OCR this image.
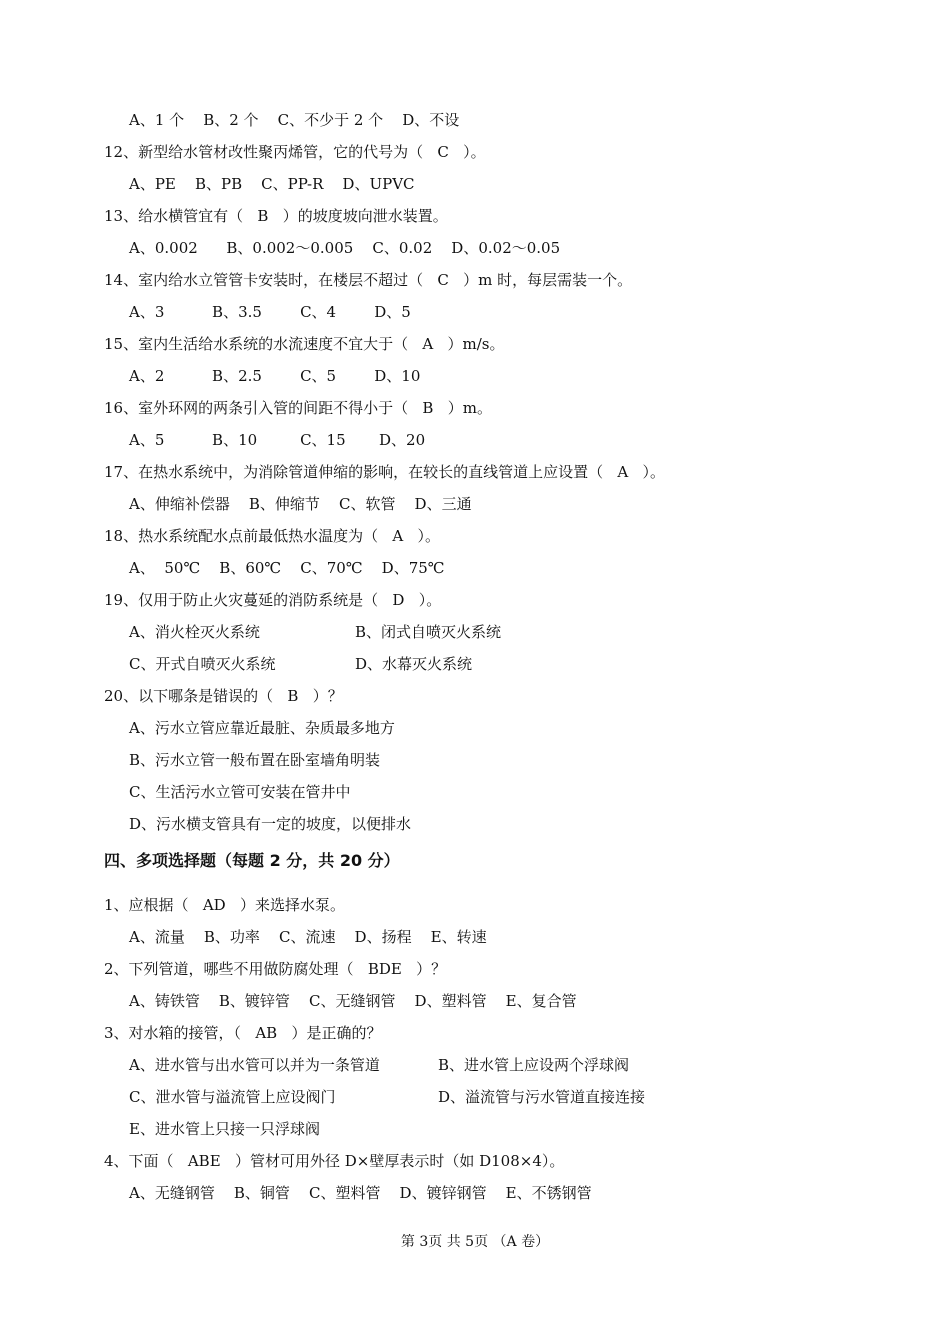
A、1 个    B、2 个    C、不少于 2 个    D、不设
12、新型给水管材改性聚丙烯管，它的代号为（   C   ）。
A、PE    B、PB    C、PP-R    D、UPVC
13、给水横管宜有（   B   ）的坡度坡向泄水装置。
A、0.002      B、0.002～0.005    C、0.02    D、0.02～0.05
14、室内给水立管管卡安装时，在楼层不超过（   C   ）m 时，每层需装一个。
A、3          B、3.5        C、4        D、5
15、室内生活给水系统的水流速度不宜大于（   A   ）m/s。
A、2          B、2.5        C、5        D、10
16、室外环网的两条引入管的间距不得小于（   B   ）m。
A、5          B、10         C、15       D、20
17、在热水系统中，为消除管道伸缩的影响，在较长的直线管道上应设置（   A   ）。
A、伸缩补偿器    B、伸缩节    C、软管    D、三通
18、热水系统配水点前最低热水温度为（   A   ）。
A、  50℃    B、60℃    C、70℃    D、75℃
19、仅用于防止火灾蔓延的消防系统是（   D   ）。
A、消火栓灭火系统	B、闭式自喷灭火系统
C、开式自喷灭火系统	D、水幕灭火系统
20、以下哪条是错误的（   B   ）？
A、污水立管应靠近最脏、杂质最多地方
B、污水立管一般布置在卧室墙角明装
C、生活污水立管可安装在管井中
D、污水横支管具有一定的坡度，以便排水
1、应根据（   AD   ）来选择水泵。
A、流量    B、功率    C、流速    D、扬程    E、转速
2、下列管道，哪些不用做防腐处理（   BDE   ）？
A、铸铁管    B、镀锌管    C、无缝钢管    D、塑料管    E、复合管
3、对水箱的接管，（   AB   ）是正确的？
A、进水管与出水管可以并为一条管道	B、进水管上应设两个浮球阀
C、泄水管与溢流管上应设阀门	D、溢流管与污水管道直接连接
E、进水管上只接一只浮球阀
4、下面（   ABE   ）管材可用外径 D×壁厚表示时（如 D108×4）。
A、无缝钢管    B、铜管    C、塑料管    D、镀锌钢管    E、不锈钢管
四、多项选择题（每题 2 分，共 20 分）
第 3页 共 5页 （A 卷）
